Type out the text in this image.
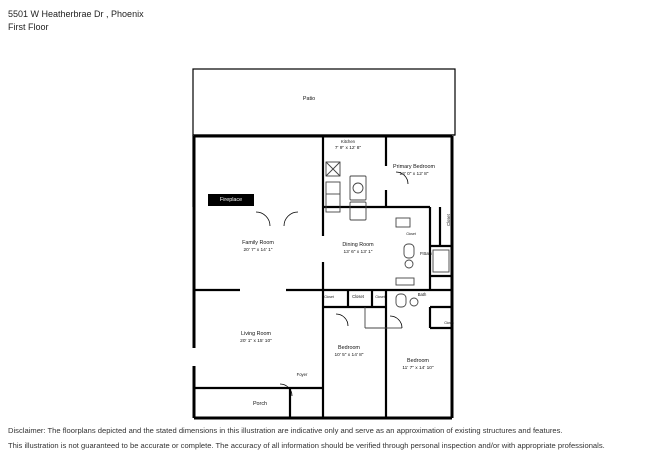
5501 W Heatherbrae Dr , Phoenix
First Floor
Fireplace
Patio
Kitchen
7' 9" x 12' 8"
Primary Bedroom
13' 0" x 12' 8"
Family Room
20' 7" x 14' 1"
Dining Room
13' 6" x 13' 1"	P.Bath
Bath
Living Room
20' 1" x 15' 10"
Bedroom
10' 5" x 14' 8"
Bedroom
11' 7" x 14' 10"
Foyer
Porch
Closet	Closet	Closet
Closet
Closet
Closet

Disclaimer: The floorplans depicted and the stated dimensions in this illustration are indicative only and serve as an approximation of existing structures and features.

This illustration is not guaranteed to be accurate or complete. The accuracy of all information should be verified through personal inspection and/or with appropriate professionals.
